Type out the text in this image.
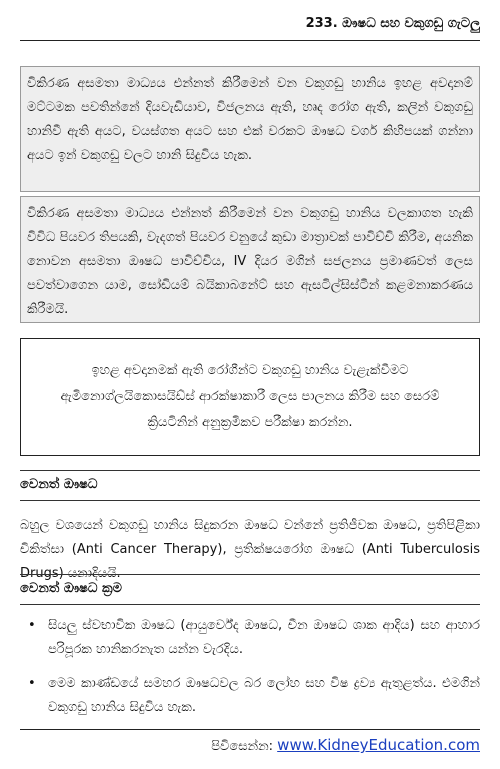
233. ඖෂධ සහ වකුගඩු ගැටලු
විකිරණ අසමතා මාධ්‍යය එන්නත් කිරීමෙන් වන වකුගඩු හානිය ඉහළ අවදානම් මට්ටමක පවතින්නේ දියවැඩියාව, විජලනය ඇති, හෘද රෝග ඇති, කලින් වකුගඩු හානිවී ඇති අයට, වයස්ගත අයට සහ එක් වරකට ඖෂධ වර්ග කිහිපයක් ගන්නා අයට ඉන් වකුගඩු වලට හානි සිදුවිය හැක.
විකිරණ අසමතා මාධ්‍යය එන්නත් කිරීමෙන් වන වකුගඩු හානිය වලකාගත හැකි විවිධ පියවර තිපයකි, වැදගත් පියවර වනුයේ කුඩා මාත්‍රාවක් පාවිච්චි කිරීම, අයනික නොවන අසමතා ඖෂධ පාවිච්චිය, IV දියර මගින් සජලනය ප්‍රමාණවත් ලෙස පවත්වාගෙන යාම, සෝඩියම් බයිකාබනේට් සහ ඇසටිල්සිස්ටීන් කළමනාකරණය කිරීමයි.
ඉහළ අවදානමක් ඇති රෝගීන්ට වකුගඩු හානිය වැළැක්වීමට ඇමිනොග්ලයිකොසයිඩ්ස් ආරක්ෂාකාරී ලෙස පාලනය කිරීම සහ සෙරම් ක්‍රියටිනින් අනුක්‍රමිකව පරීක්ෂා කරන්න.
වෙනත් ඖෂධ
බහුල වශයෙන් වකුගඩු හානිය සිදුකරන ඖෂධ වන්නේ ප්‍රතිජීවක ඖෂධ, ප්‍රතිපිළිකා චිකිත්සා (Anti Cancer Therapy), ප්‍රතික්ෂයරෝග ඖෂධ (Anti Tuberculosis Drugs) යනාදියයි.
වෙනත් ඖෂධ ක්‍රම
• සියලු ස්වභාවික ඖෂධ (ආයුර්වේද ඖෂධ, චීන ඖෂධ ශාක ආදිය) සහ ආහාර පරිපූරක හානිකරනැත යන්න වැරදිය.
• මෙම කාණ්ඩයේ සමහර ඖෂධවල බර ලෝහ සහ විෂ ද්‍රව්‍ය ඇතුළත්ය. එමගින් වකුගඩු හානිය සිදුවිය හැක.
පිවිසෙන්න: www.KidneyEducation.com
